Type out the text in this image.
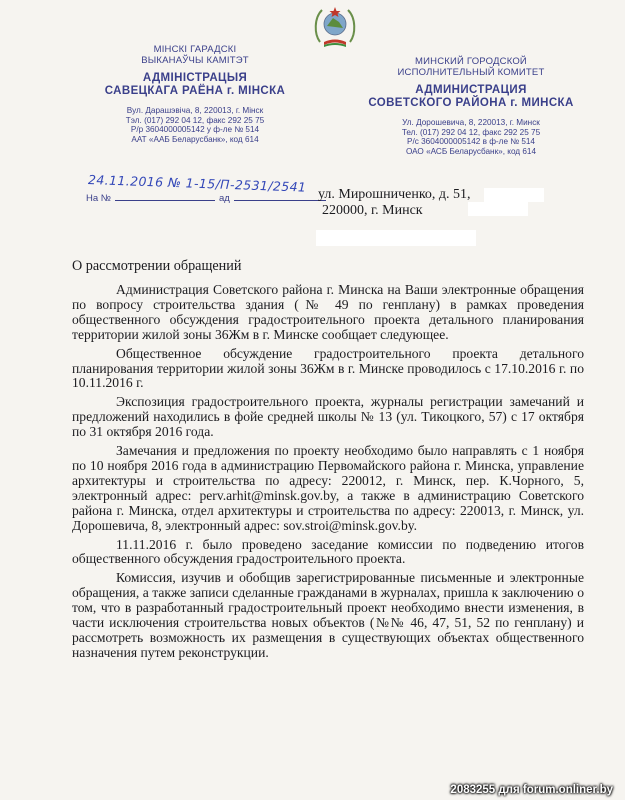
МІНСКІ ГАРАДСКІ
ВЫКАНАЎЧЫ КАМІТЭТ
АДМІНІСТРАЦЫЯ
САВЕЦКАГА РАЁНА г. МІНСКА
Вул. Дарашэвіча, 8, 220013, г. Мінск
Тэл. (017) 292 04 12, факс 292 25 75
Р/р 3604000005142 у ф-ле № 514
ААТ «ААБ Беларусбанк», код 614
МИНСКИЙ ГОРОДСКОЙ
ИСПОЛНИТЕЛЬНЫЙ КОМИТЕТ
АДМИНИСТРАЦИЯ
СОВЕТСКОГО РАЙОНА г. МИНСКА
Ул. Дорошевича, 8, 220013, г. Минск
Тел. (017) 292 04 12, факс 292 25 75
Р/с 3604000005142 в ф-ле № 514
ОАО «АСБ Беларусбанк», код 614
24.11.2016 № 1-15/П-2531/2541
На №	ад	ул. Мирошниченко, д. 51,
220000, г. Минск
О рассмотрении обращений

Администрация Советского района г. Минска на Ваши электронные обращения по вопросу строительства здания (№ 49 по генплану) в рамках проведения общественного обсуждения градостроительного проекта детального планирования территории жилой зоны 36Жм в г. Минске сообщает следующее.

Общественное обсуждение градостроительного проекта детального планирования территории жилой зоны 36Жм в г. Минске проводилось с 17.10.2016 г. по 10.11.2016 г.

Экспозиция градостроительного проекта, журналы регистрации замечаний и предложений находились в фойе средней школы № 13 (ул. Тикоцкого, 57) с 17 октября по 31 октября 2016 года.

Замечания и предложения по проекту необходимо было направлять с 1 ноября по 10 ноября 2016 года в администрацию Первомайского района г. Минска, управление архитектуры и строительства по адресу: 220012, г. Минск, пер. К.Чорного, 5, электронный адрес: perv.arhit@minsk.gov.by, а также в администрацию Советского района г. Минска, отдел архитектуры и строительства по адресу: 220013, г. Минск, ул. Дорошевича, 8, электронный адрес: sov.stroi@minsk.gov.by.

11.11.2016 г. было проведено заседание комиссии по подведению итогов общественного обсуждения градостроительного проекта.

Комиссия, изучив и обобщив зарегистрированные письменные и электронные обращения, а также записи сделанные гражданами в журналах, пришла к заключению о том, что в разработанный градостроительный проект необходимо внести изменения, в части исключения строительства новых объектов (№№ 46, 47, 51, 52 по генплану) и рассмотреть возможность их размещения в существующих объектах общественного назначения путем реконструкции.

2083255 для forum.onliner.by
